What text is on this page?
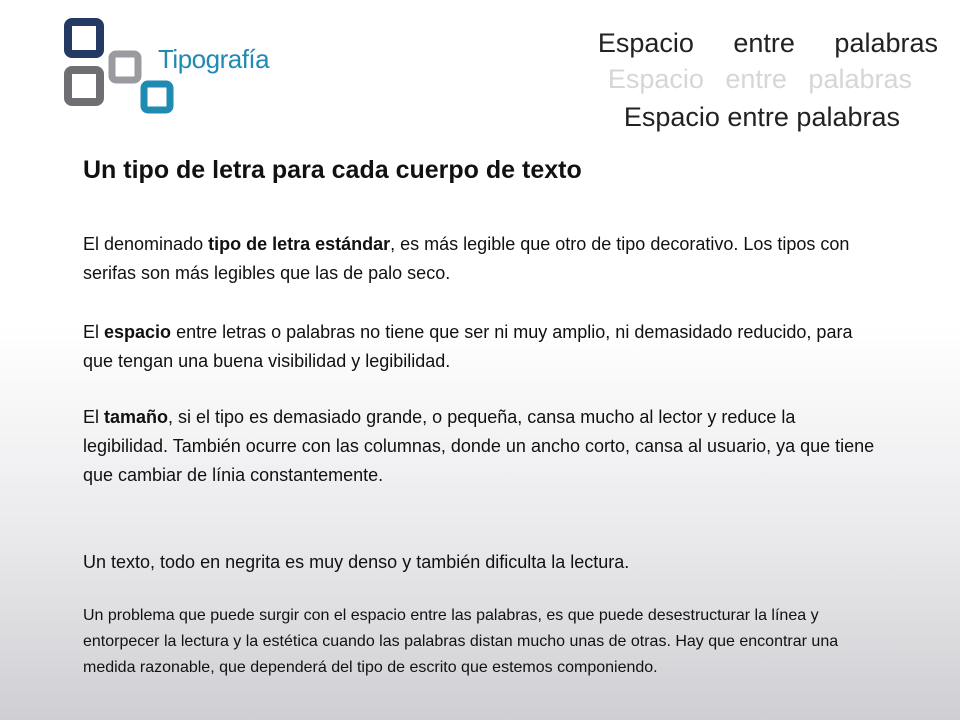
Tipografía
Espacio entre palabras
Espacio entre palabras
Espacio entre palabras
Un tipo de letra para cada cuerpo de texto
El denominado tipo de letra estándar, es más legible que otro de tipo decorativo. Los tipos con serifas son más legibles que las de palo seco.
El espacio entre letras o palabras no tiene que ser ni muy amplio, ni demasidado reducido, para que tengan una buena visibilidad y legibilidad.
El tamaño, si el tipo es demasiado grande, o pequeña, cansa mucho al lector y reduce la legibilidad. También ocurre con las columnas, donde un ancho corto, cansa al usuario, ya que tiene que cambiar de línia constantemente.
Un texto, todo en negrita es muy denso y también dificulta la lectura.
Un problema que puede surgir con el espacio entre las palabras, es que puede desestructurar la línea y entorpecer la lectura y la estética cuando las palabras distan mucho unas de otras. Hay que encontrar una medida razonable, que dependerá del tipo de escrito que estemos componiendo.
